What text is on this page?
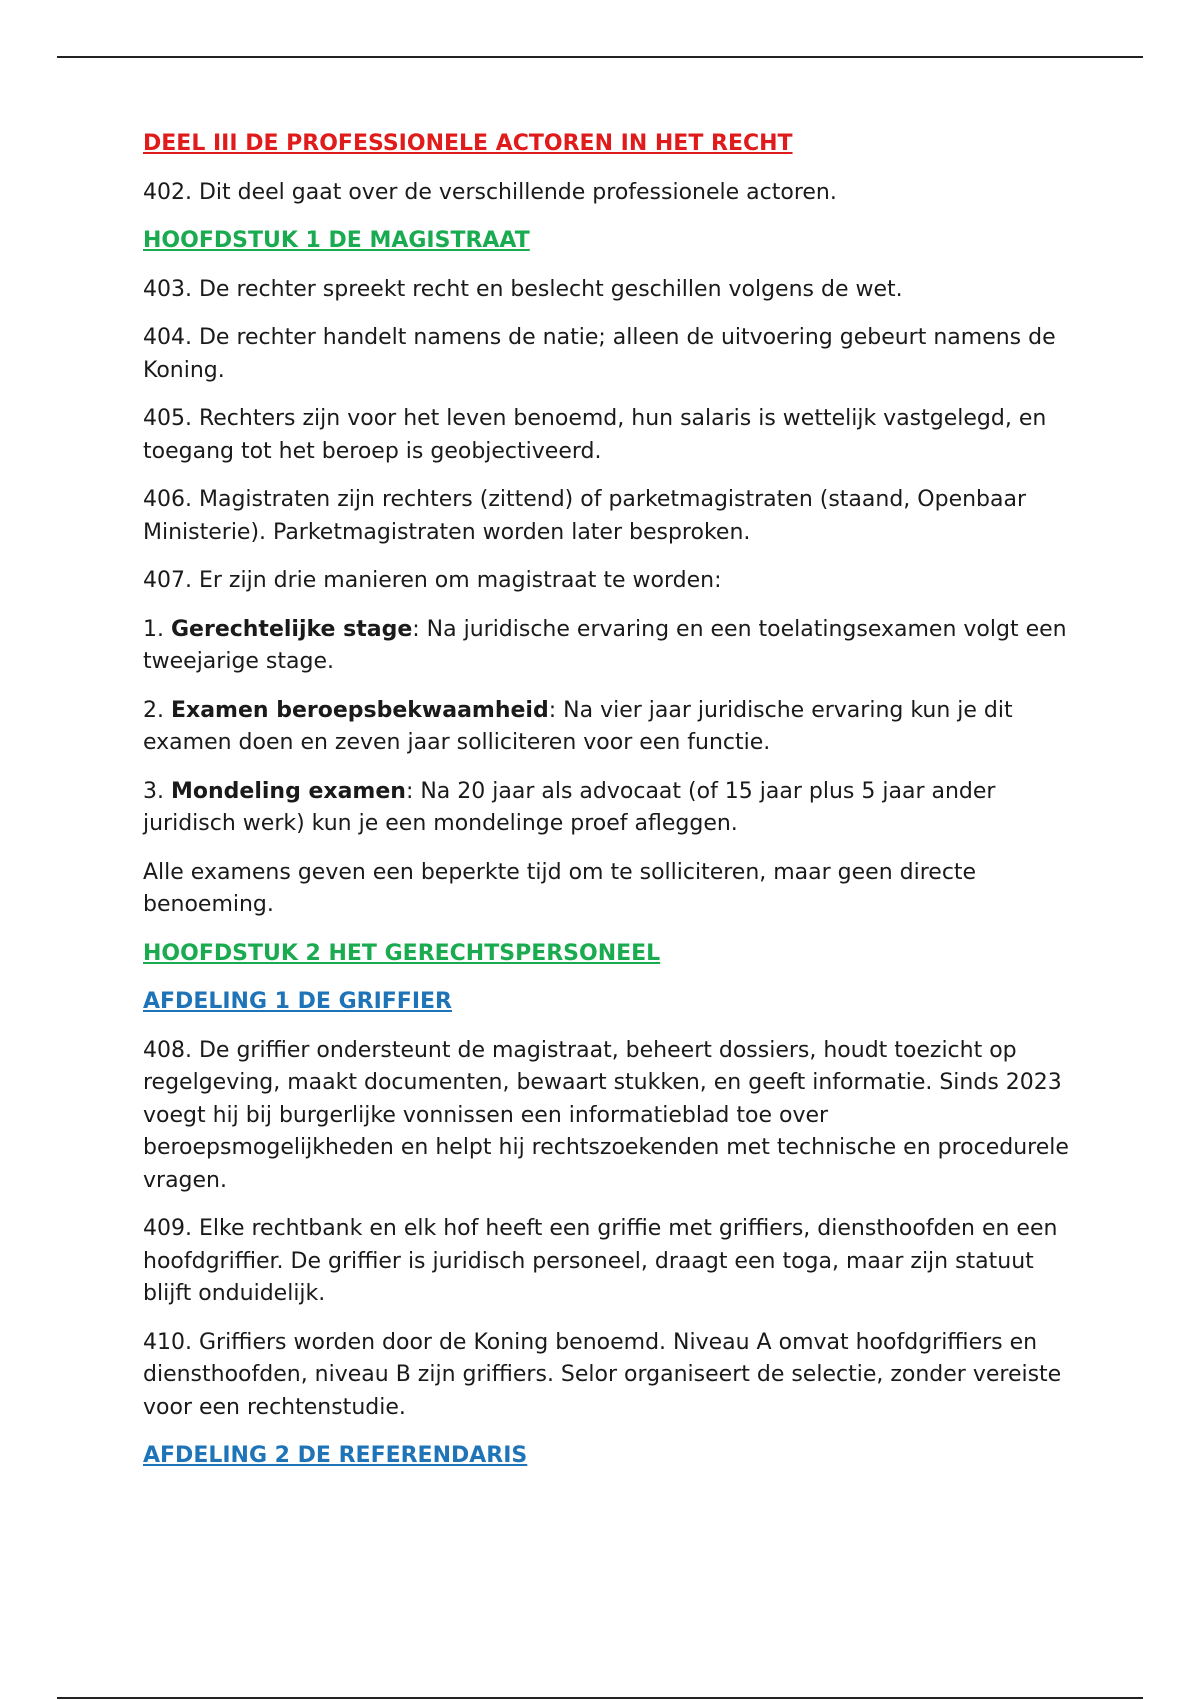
DEEL III DE PROFESSIONELE ACTOREN IN HET RECHT

402. Dit deel gaat over de verschillende professionele actoren.

HOOFDSTUK 1 DE MAGISTRAAT

403. De rechter spreekt recht en beslecht geschillen volgens de wet.

404. De rechter handelt namens de natie; alleen de uitvoering gebeurt namens de Koning.

405. Rechters zijn voor het leven benoemd, hun salaris is wettelijk vastgelegd, en toegang tot het beroep is geobjectiveerd.

406. Magistraten zijn rechters (zittend) of parketmagistraten (staand, Openbaar Ministerie). Parketmagistraten worden later besproken.

407. Er zijn drie manieren om magistraat te worden:

1. Gerechtelijke stage: Na juridische ervaring en een toelatingsexamen volgt een tweejarige stage.

2. Examen beroepsbekwaamheid: Na vier jaar juridische ervaring kun je dit examen doen en zeven jaar solliciteren voor een functie.

3. Mondeling examen: Na 20 jaar als advocaat (of 15 jaar plus 5 jaar ander juridisch werk) kun je een mondelinge proef afleggen.

Alle examens geven een beperkte tijd om te solliciteren, maar geen directe benoeming.

HOOFDSTUK 2 HET GERECHTSPERSONEEL
AFDELING 1 DE GRIFFIER

408. De griffier ondersteunt de magistraat, beheert dossiers, houdt toezicht op regelgeving, maakt documenten, bewaart stukken, en geeft informatie. Sinds 2023 voegt hij bij burgerlijke vonnissen een informatieblad toe over beroepsmogelijkheden en helpt hij rechtszoekenden met technische en procedurele vragen.

409. Elke rechtbank en elk hof heeft een griffie met griffiers, diensthoofden en een hoofdgriffier. De griffier is juridisch personeel, draagt een toga, maar zijn statuut blijft onduidelijk.

410. Griffiers worden door de Koning benoemd. Niveau A omvat hoofdgriffiers en diensthoofden, niveau B zijn griffiers. Selor organiseert de selectie, zonder vereiste voor een rechtenstudie.

AFDELING 2 DE REFERENDARIS
